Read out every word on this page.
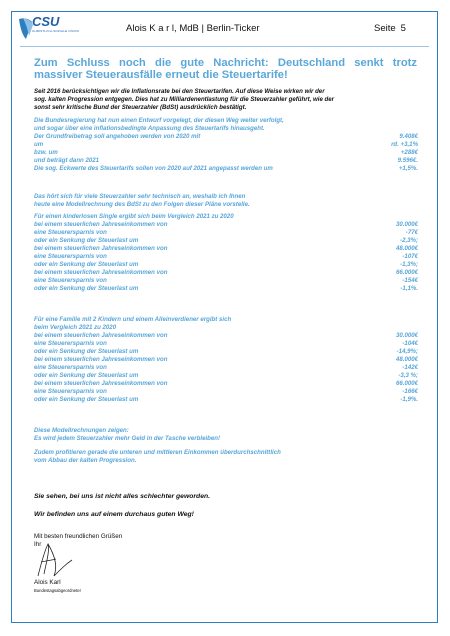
CSU
CHRISTLICH-SOZIALE UNION	Alois K a r l, MdB | Berlin-Ticker	Seite 5
Zum Schluss noch die gute Nachricht: Deutschland senkt trotz
massiver Steuerausfälle erneut die Steuertarife!
Seit 2016 berücksichtigen wir die Inflationsrate bei den Steuertarifen. Auf diese Weise wirken wir der
sog. kalten Progression entgegen. Dies hat zu Milliardenentlastung für die Steuerzahler geführt, wie der
sonst sehr kritische Bund der Steuerzahler (BdSt) ausdrücklich bestätigt.
Die Bundesregierung hat nun einen Entwurf vorgelegt, der diesen Weg weiter verfolgt,
und sogar über eine inflationsbedingte Anpassung des Steuertarifs hinausgeht.
Der Grundfreibetrag soll angehoben werden von 2020 mit	9.408€
um	rd. +3,1%
bzw. um	+288€
und beträgt dann 2021	9.596€.
Die sog. Eckwerte des Steuertarifs sollen von 2020 auf 2021 angepasst werden um	+1,5%.
Das hört sich für viele Steuerzahler sehr technisch an, weshalb ich Ihnen
heute eine Modellrechnung des BdSt zu den Folgen dieser Pläne vorstelle.
Für einen kinderlosen Single ergibt sich beim Vergleich 2021 zu 2020
bei einem steuerlichen Jahreseinkommen von	30.000€
eine Steuerersparnis von	-77€
oder ein Senkung der Steuerlast um	-2,3%;
bei einem steuerlichen Jahreseinkommen von	48.000€
eine Steuerersparnis von	-107€
oder ein Senkung der Steuerlast um	-1,3%;
bei einem steuerlichen Jahreseinkommen von	66.000€
eine Steuerersparnis von	-154€
oder ein Senkung der Steuerlast um	-1,1%.
Für eine Familie mit 2 Kindern und einem Alleinverdiener ergibt sich
beim Vergleich 2021 zu 2020
bei einem steuerlichen Jahreseinkommen von	30.000€
eine Steuerersparnis von	-104€
oder ein Senkung der Steuerlast um	-14,9%;
bei einem steuerlichen Jahreseinkommen von	48.000€
eine Steuerersparnis von	-142€
oder ein Senkung der Steuerlast um	-3,3 %;
bei einem steuerlichen Jahreseinkommen von	66.000€
eine Steuerersparnis von	-166€
oder ein Senkung der Steuerlast um	-1,9%.
Diese Modellrechnungen zeigen:
Es wird jedem Steuerzahler mehr Geld in der Tasche verbleiben!
Zudem profitieren gerade die unteren und mittleren Einkommen überdurchschnittlich
vom Abbau der kalten Progression.
Sie sehen, bei uns ist nicht alles schlechter geworden.
Wir befinden uns auf einem durchaus guten Weg!
Mit besten freundlichen Grüßen
Ihr
Alois Karl
Bundestagsabgeordneter
